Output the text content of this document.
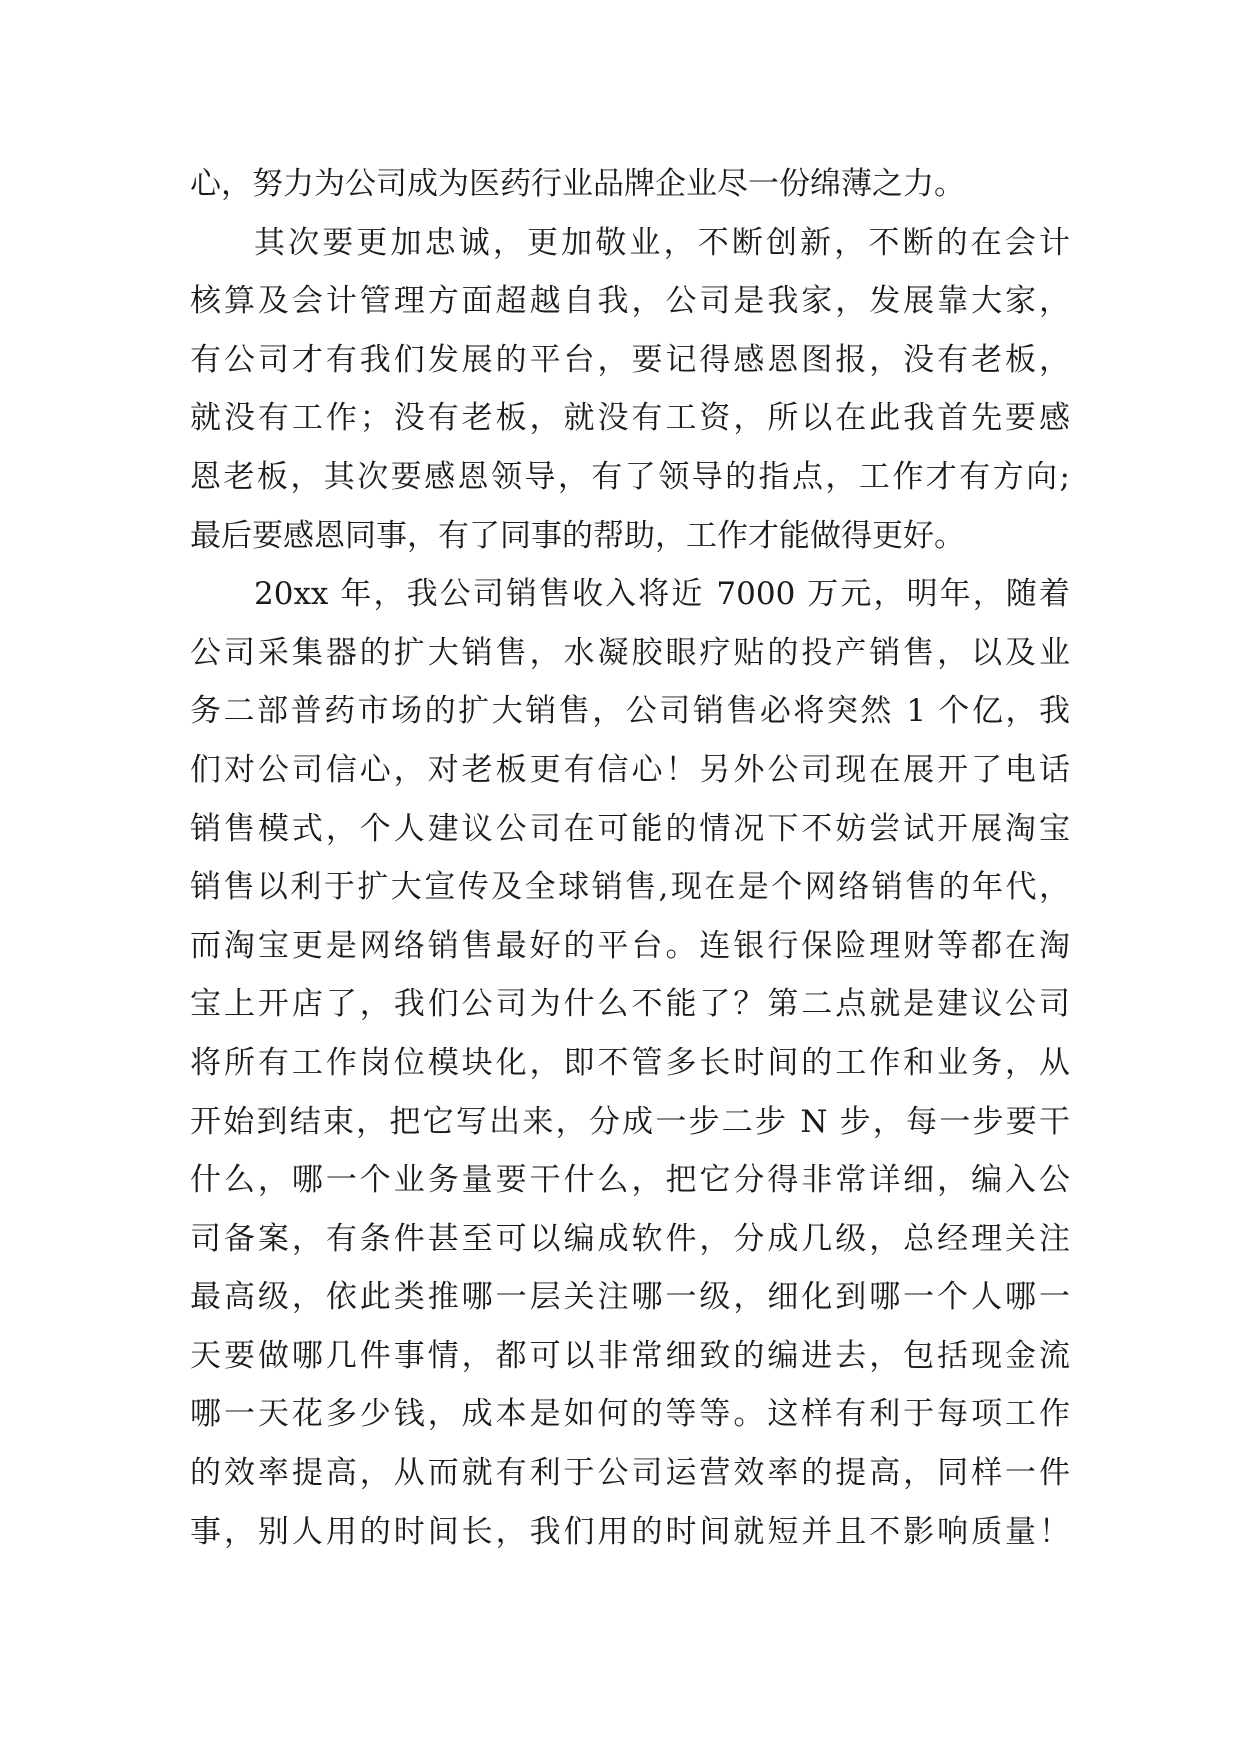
心，努力为公司成为医药行业品牌企业尽一份绵薄之力。
其次要更加忠诚，更加敬业，不断创新，不断的在会计
核算及会计管理方面超越自我，公司是我家，发展靠大家，
有公司才有我们发展的平台，要记得感恩图报，没有老板，
就没有工作；没有老板，就没有工资，所以在此我首先要感
恩老板，其次要感恩领导，有了领导的指点，工作才有方向;
最后要感恩同事，有了同事的帮助，工作才能做得更好。
20xx 年，我公司销售收入将近 7000 万元，明年，随着
公司采集器的扩大销售，水凝胶眼疗贴的投产销售，以及业
务二部普药市场的扩大销售，公司销售必将突然 1 个亿，我
们对公司信心，对老板更有信心！另外公司现在展开了电话
销售模式，个人建议公司在可能的情况下不妨尝试开展淘宝
销售以利于扩大宣传及全球销售,现在是个网络销售的年代，
而淘宝更是网络销售最好的平台。连银行保险理财等都在淘
宝上开店了，我们公司为什么不能了？第二点就是建议公司
将所有工作岗位模块化，即不管多长时间的工作和业务，从
开始到结束，把它写出来，分成一步二步 N 步，每一步要干
什么，哪一个业务量要干什么，把它分得非常详细，编入公
司备案，有条件甚至可以编成软件，分成几级，总经理关注
最高级，依此类推哪一层关注哪一级，细化到哪一个人哪一
天要做哪几件事情，都可以非常细致的编进去，包括现金流
哪一天花多少钱，成本是如何的等等。这样有利于每项工作
的效率提高，从而就有利于公司运营效率的提高，同样一件
事，别人用的时间长，我们用的时间就短并且不影响质量！
